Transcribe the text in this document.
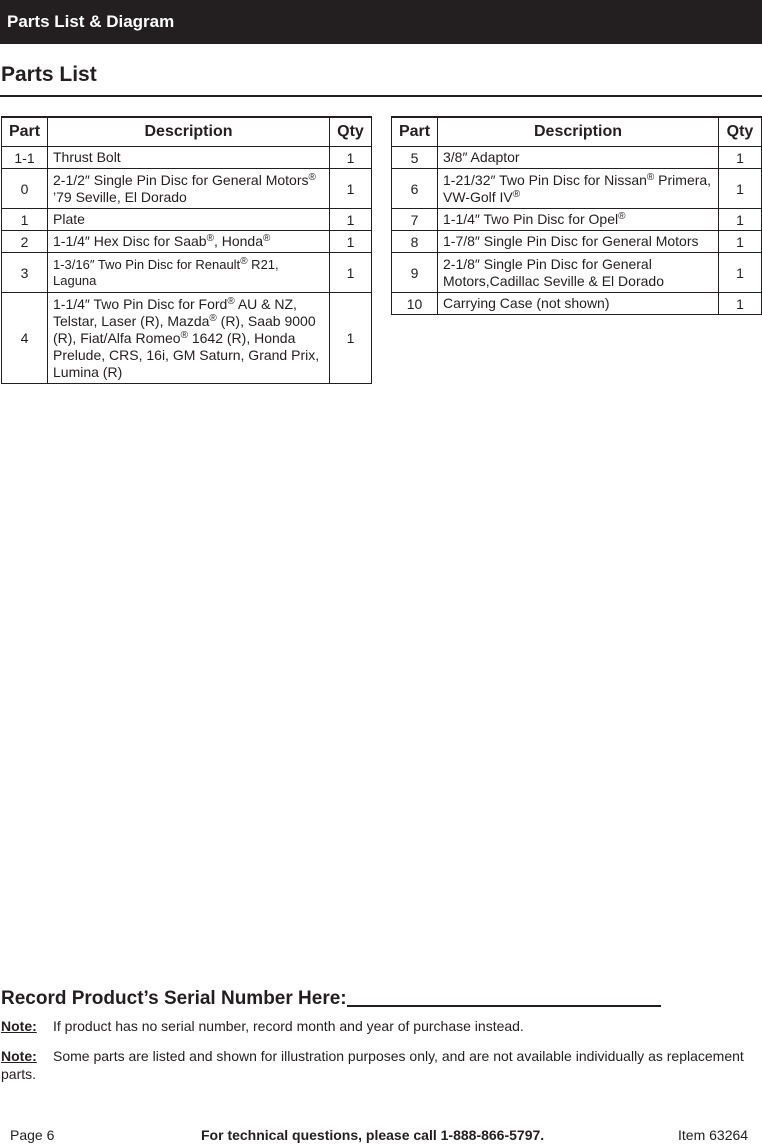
Parts List & Diagram
Parts List
Part	Description	Qty
1-1	Thrust Bolt	1
0	2-1/2″ Single Pin Disc for General Motors® ’79 Seville, El Dorado	1
1	Plate	1
2	1-1/4″ Hex Disc for Saab®, Honda®	1
3	1-3/16″ Two Pin Disc for Renault® R21, Laguna	1
4	1-1/4″ Two Pin Disc for Ford® AU & NZ, Telstar, Laser (R), Mazda® (R), Saab 9000 (R), Fiat/Alfa Romeo® 1642 (R), Honda Prelude, CRS, 16i, GM Saturn, Grand Prix, Lumina (R)	1
Part	Description	Qty
5	3/8″ Adaptor	1
6	1-21/32″ Two Pin Disc for Nissan® Primera, VW-Golf IV®	1
7	1-1/4″ Two Pin Disc for Opel®	1
8	1-7/8″ Single Pin Disc for General Motors	1
9	2-1/8″ Single Pin Disc for General Motors,Cadillac Seville & El Dorado	1
10	Carrying Case (not shown)	1
Record Product’s Serial Number Here:
Note: If product has no serial number, record month and year of purchase instead.
Note: Some parts are listed and shown for illustration purposes only, and are not available individually as replacement parts.
Page 6	For technical questions, please call 1-888-866-5797.	Item 63264
